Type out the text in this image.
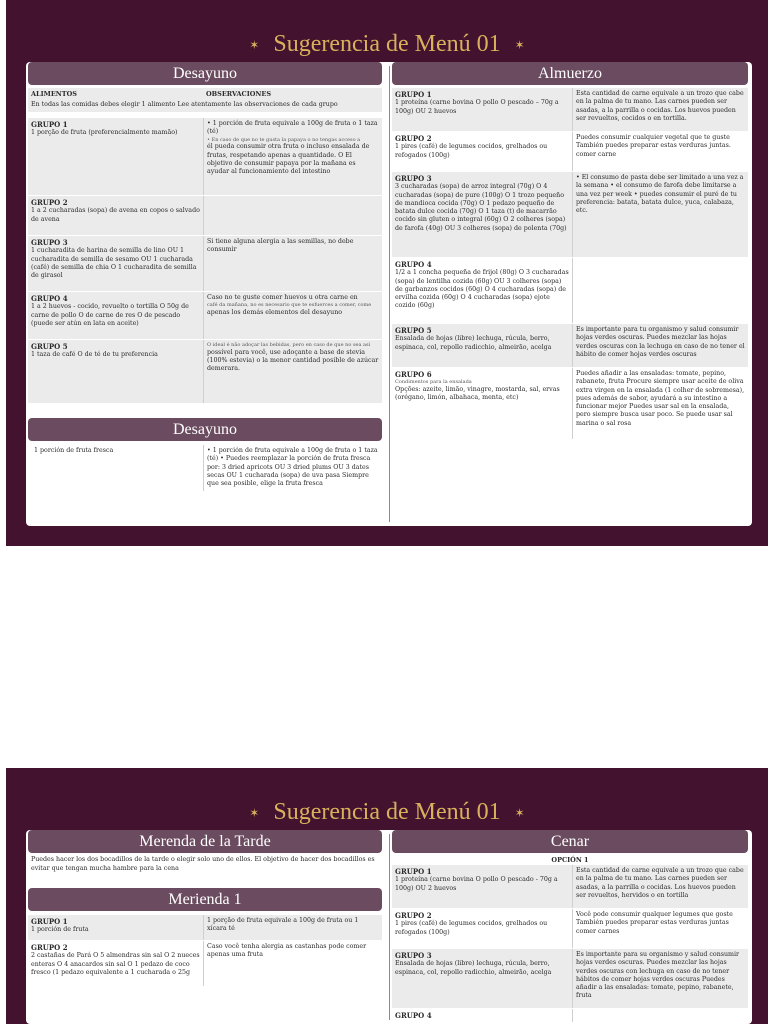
✶ Sugerencia de Menú 01 ✶
Desayuno
ALIMENTOS	OBSERVACIONES
En todas las comidas debes elegir 1 alimento Lee atentamente las observaciones de cada grupo
GRUPO 1
1 porção de fruta (preferencialmente mamão)
• 1 porción de fruta equivale a 100g de fruta o 1 taza (té)
• En caso de que no te gusta la papaya o no tengas acceso a
él pueda consumir otra fruta o incluso ensalada de frutas, respetando apenas a quantidade. O El objetivo de consumir papaya por la mañana es ayudar al funcionamiento del intestino
GRUPO 2
1 a 2 cucharadas (sopa) de avena en copos o salvado de avena
GRUPO 3
1 cucharadita de harina de semilla de lino OU 1 cucharadita de semilla de sesamo OU 1 cucharada (café) de semilla de chia O 1 cucharadita de semilla de girasol
Si tiene alguna alergia a las semillas, no debe consumir
GRUPO 4
1 a 2 huevos - cocido, revuelto o tortilla O 50g de carne de pollo O de carne de res O de pescado (puede ser atún en lata en aceite)
Caso no te guste comer huevos u otra carne en
café da mañana, no es necesario que te esfuerces a comer, come
apenas los demás elementos del desayuno
GRUPO 5
1 taza de café O de té de tu preferencia
O ideal é não adoçar las bebidas, pero en caso de que no sea así
possível para você, use adoçante a base de stevia (100% estevia) o la menor cantidad posible de azúcar demerara.
Desayuno
1 porción de fruta fresca	• 1 porción de fruta equivale a 100g de fruta o 1 taza (té) • Puedes reemplazar la porción de fruta fresca por: 3 dried apricots OU 3 dried plums OU 3 dates secas OU 1 cucharada (sopa) de uva pasa Siempre que sea posible, elige la fruta fresca
Almuerzo
GRUPO 1
1 proteína (carne bovina O pollo O pescado – 70g a 100g) OU 2 huevos
Esta cantidad de carne equivale a un trozo que cabe en la palma de tu mano. Las carnes pueden ser asadas, a la parrilla o cocidas. Los huevos pueden ser revueltos, cocidos o en tortilla.
GRUPO 2
1 pires (café) de legumes cocidos, grelhados ou refogados (100g)
Puedes consumir cualquier vegetal que te guste También puedes preparar estas verduras juntas. comer carne
GRUPO 3
3 cucharadas (sopa) de arroz integral (70g) O 4 cucharadas (sopa) de pure (100g) O 1 trozo pequeño de mandioca cocida (70g) O 1 pedazo pequeño de batata dulce cocida (70g) O 1 taza (t) de macarrão cocido sin gluten o integral (60g) O 2 colheres (sopa) de farofa (40g) OU 3 colheres (sopa) de polenta (70g)
• El consumo de pasta debe ser limitado a una vez a la semana • el consumo de farofa debe limitarse a una vez per week • puedes consumir el puré de tu preferencia: batata, batata dulce, yuca, calabaza, etc.
GRUPO 4
1/2 a 1 concha pequeña de frijol (80g) O 3 cucharadas (sopa) de lentilha cozida (60g) OU 3 colheres (sopa) de garbanzos cocidos (60g) O 4 cucharadas (sopa) de ervilha cozida (60g) O 4 cucharadas (sopa) ejote cozido (60g)
GRUPO 5
Ensalada de hojas (libre) lechuga, rúcula, berro, espinaca, col, repollo radicchio, almeirão, acelga
Es importante para tu organismo y salud consumir hojas verdes oscuras. Puedes mezclar las hojas verdes oscuras con la lechuga en caso de no tener el hábito de comer hojas verdes oscuras
GRUPO 6
Condimentos para la ensalada
Opções: azeite, limão, vinagre, mostarda, sal, ervas (orégano, limón, albahaca, menta, etc)
Puedes añadir a las ensaladas: tomate, pepino, rabanete, fruta Procure siempre usar aceite de oliva extra virgen en la ensalada (1 colher de sobremesa), pues además de sabor, ayudará a su intestino a funcionar mejor Puedes usar sal en la ensalada, pero siempre busca usar poco. Se puede usar sal marina o sal rosa
✶ Sugerencia de Menú 01 ✶
Merenda de la Tarde
Puedes hacer los dos bocadillos de la tarde o elegir solo uno de ellos. El objetivo de hacer dos bocadillos es evitar que tengan mucha hambre para la cena
Merienda 1
GRUPO 1
1 porción de fruta
1 porção de fruta equivale a 100g de fruta ou 1 xícara té
GRUPO 2
2 castañas de Pará O 5 almendras sin sal O 2 nueces enteras O 4 anacardos sin sal O 1 pedazo de coco fresco (1 pedazo equivalente a 1 cucharada o 25g
Caso você tenha alergia as castanhas pode comer apenas uma fruta
Cenar
OPCIÓN 1
GRUPO 1
1 proteína (carne bovina O pollo O pescado - 70g a 100g) OU 2 huevos
Esta cantidad de carne equivale a un trozo que cabe en la palma de tu mano. Las carnes pueden ser asadas, a la parrilla o cocidas. Los huevos pueden ser revueltos, hervidos o en tortilla
GRUPO 2
1 pires (café) de legumes cocidos, grelhados ou refogados (100g)
Você pode consumir qualquer legumes que goste También puedes preparar estas verduras juntas comer carnes
GRUPO 3
Ensalada de hojas (libre) lechuga, rúcula, berro, espinaca, col, repollo radicchio, almeirão, acelga
Es importante para su organismo y salud consumir hojas verdes oscuras. Puedes mezclar las hojas verdes oscuras con lechuga en caso de no tener hábitos de comer hojas verdes oscuras Puedes añadir a las ensaladas: tomate, pepino, rabanete, fruta
GRUPO 4
